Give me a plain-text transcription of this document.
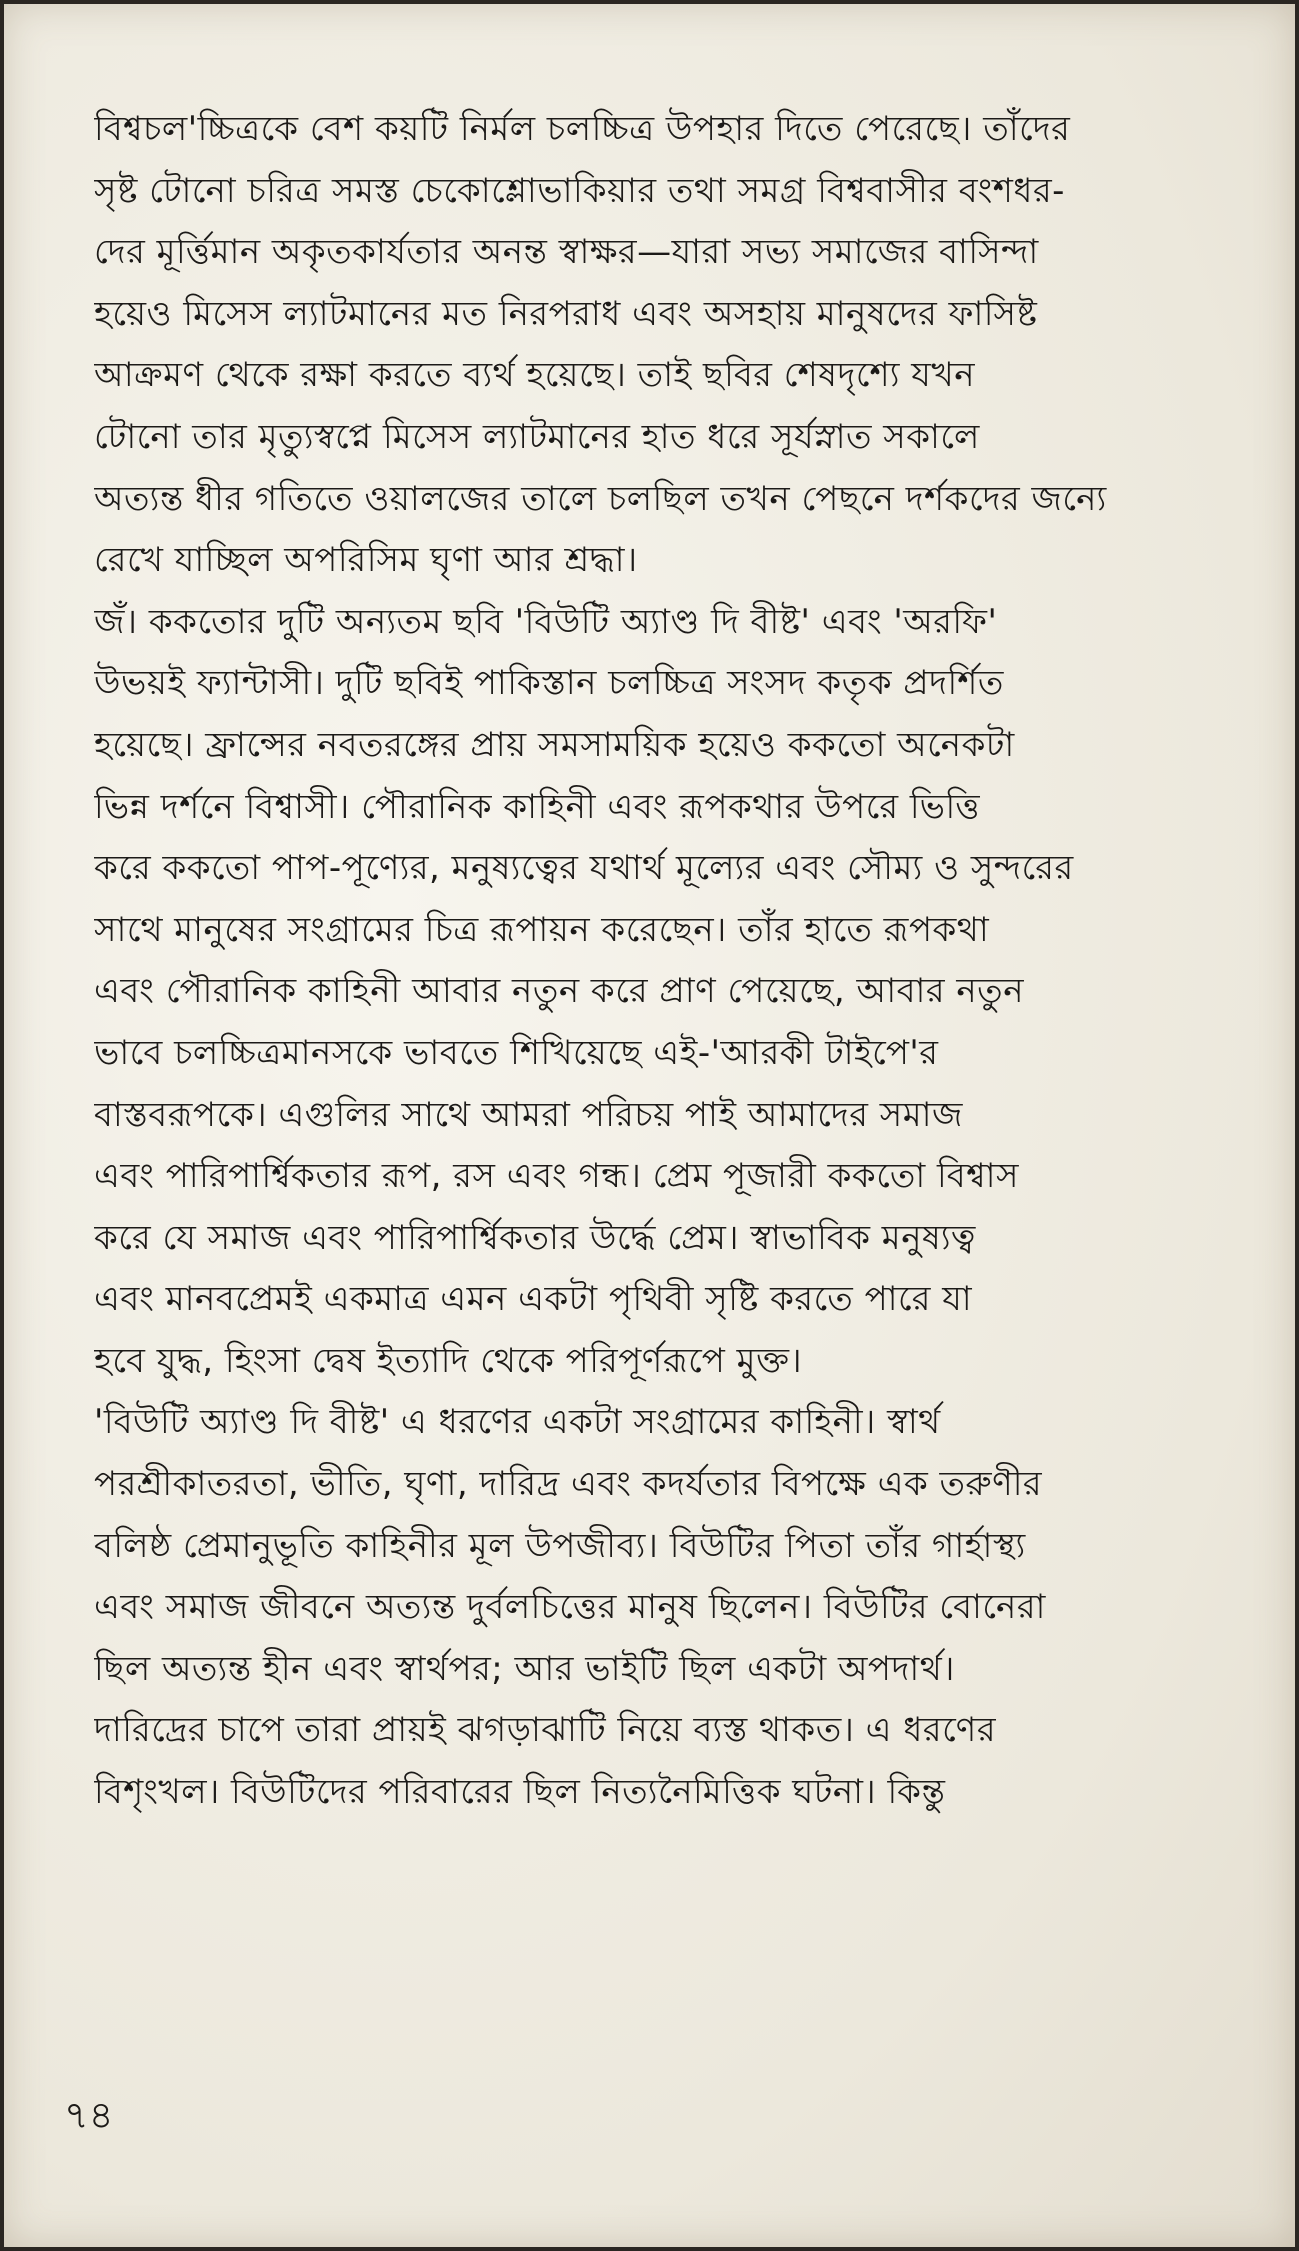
বিশ্বচল'চ্চিত্রকে বেশ কয়টি নির্মল চলচ্চিত্র উপহার দিতে পেরেছে। তাঁদের
সৃষ্ট টোনো চরিত্র সমস্ত চেকোশ্লোভাকিয়ার তথা সমগ্র বিশ্ববাসীর বংশধর-
দের মূর্ত্তিমান অকৃতকার্যতার অনন্ত স্বাক্ষর—যারা সভ্য সমাজের বাসিন্দা
হয়েও মিসেস ল্যাটমানের মত নিরপরাধ এবং অসহায় মানুষদের ফাসিষ্ট
আক্রমণ থেকে রক্ষা করতে ব্যর্থ হয়েছে। তাই ছবির শেষদৃশ্যে যখন
টোনো তার মৃত্যুস্বপ্নে মিসেস ল্যাটমানের হাত ধরে সূর্যস্নাত সকালে
অত্যন্ত ধীর গতিতে ওয়ালজের তালে চলছিল তখন পেছনে দর্শকদের জন্যে
রেখে যাচ্ছিল অপরিসিম ঘৃণা আর শ্রদ্ধা।
জঁ। ককতোর দুটি অন্যতম ছবি 'বিউটি অ্যাণ্ড দি বীষ্ট' এবং 'অরফি'
উভয়ই ফ্যান্টাসী। দুটি ছবিই পাকিস্তান চলচ্চিত্র সংসদ কতৃক প্রদর্শিত
হয়েছে। ফ্রান্সের নবতরঙ্গের প্রায় সমসাময়িক হয়েও ককতো অনেকটা
ভিন্ন দর্শনে বিশ্বাসী। পৌরানিক কাহিনী এবং রূপকথার উপরে ভিত্তি
করে ককতো পাপ-পূণ্যের, মনুষ্যত্বের যথার্থ মূল্যের এবং সৌম্য ও সুন্দরের
সাথে মানুষের সংগ্রামের চিত্র রূপায়ন করেছেন। তাঁর হাতে রূপকথা
এবং পৌরানিক কাহিনী আবার নতুন করে প্রাণ পেয়েছে, আবার নতুন
ভাবে চলচ্চিত্রমানসকে ভাবতে শিখিয়েছে এই-'আরকী টাইপে'র
বাস্তবরূপকে। এগুলির সাথে আমরা পরিচয় পাই আমাদের সমাজ
এবং পারিপার্শ্বিকতার রূপ, রস এবং গন্ধ। প্রেম পূজারী ককতো বিশ্বাস
করে যে সমাজ এবং পারিপার্শ্বিকতার উর্দ্ধে প্রেম। স্বাভাবিক মনুষ্যত্ব
এবং মানবপ্রেমই একমাত্র এমন একটা পৃথিবী সৃষ্টি করতে পারে যা
হবে যুদ্ধ, হিংসা দ্বেষ ইত্যাদি থেকে পরিপূর্ণরূপে মুক্ত।
'বিউটি অ্যাণ্ড দি বীষ্ট' এ ধরণের একটা সংগ্রামের কাহিনী। স্বার্থ
পরশ্রীকাতরতা, ভীতি, ঘৃণা, দারিদ্র এবং কদর্যতার বিপক্ষে এক তরুণীর
বলিষ্ঠ প্রেমানুভূতি কাহিনীর মূল উপজীব্য। বিউটির পিতা তাঁর গার্হাস্থ্য
এবং সমাজ জীবনে অত্যন্ত দুর্বলচিত্তের মানুষ ছিলেন। বিউটির বোনেরা
ছিল অত্যন্ত হীন এবং স্বার্থপর; আর ভাইটি ছিল একটা অপদার্থ।
দারিদ্রের চাপে তারা প্রায়ই ঝগড়াঝাটি নিয়ে ব্যস্ত থাকত। এ ধরণের
বিশৃংখল। বিউটিদের পরিবারের ছিল নিত্যনৈমিত্তিক ঘটনা। কিন্তু
৭৪
